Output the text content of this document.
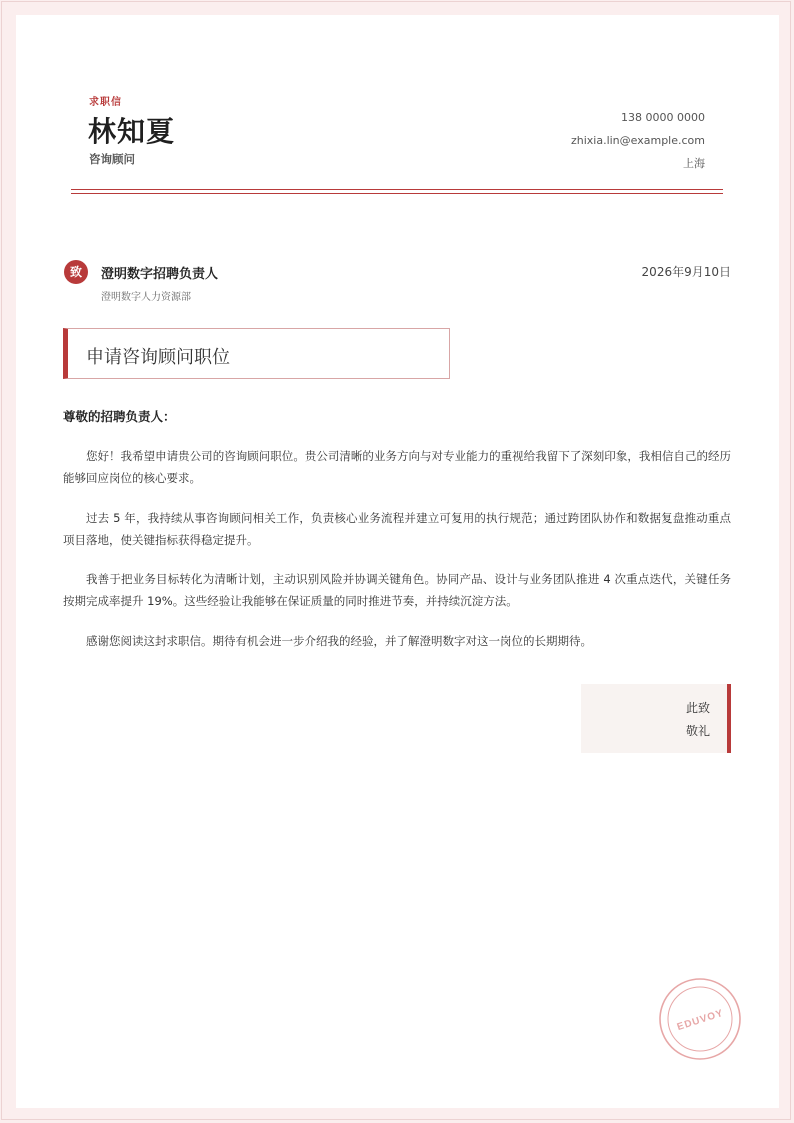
求职信
林知夏
咨询顾问
138 0000 0000
zhixia.lin@example.com
上海
致	澄明数字招聘负责人
澄明数字人力资源部
2026年9月10日
申请咨询顾问职位
尊敬的招聘负责人：
您好！我希望申请贵公司的咨询顾问职位。贵公司清晰的业务方向与对专业能力的重视给我留下了深刻印象，我相信自己的经历能够回应岗位的核心要求。
过去 5 年，我持续从事咨询顾问相关工作，负责核心业务流程并建立可复用的执行规范；通过跨团队协作和数据复盘推动重点项目落地，使关键指标获得稳定提升。
我善于把业务目标转化为清晰计划，主动识别风险并协调关键角色。协同产品、设计与业务团队推进 4 次重点迭代，关键任务按期完成率提升 19%。这些经验让我能够在保证质量的同时推进节奏，并持续沉淀方法。
感谢您阅读这封求职信。期待有机会进一步介绍我的经验，并了解澄明数字对这一岗位的长期期待。
此致
敬礼
EDUVOY
